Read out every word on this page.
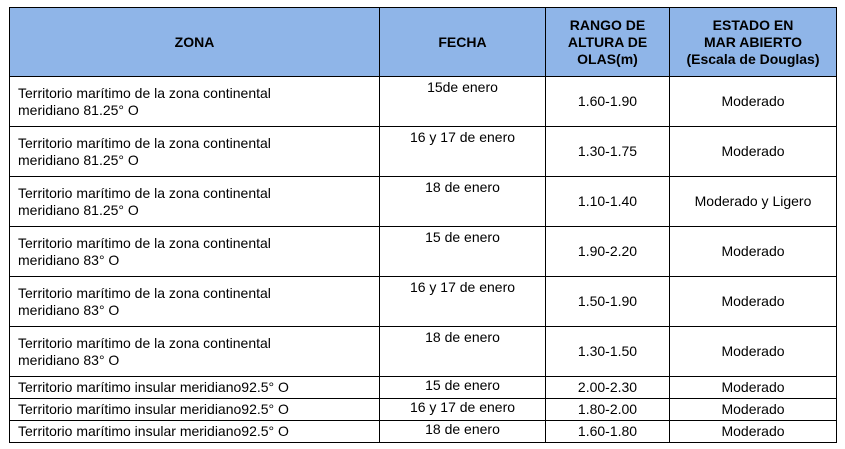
ZONA	FECHA	RANGO DE
ALTURA DE
OLAS(m)	ESTADO EN
MAR ABIERTO
(Escala de Douglas)
Territorio marítimo de la zona continental
meridiano 81.25° O	15de enero	1.60-1.90	Moderado
Territorio marítimo de la zona continental
meridiano 81.25° O	16 y 17 de enero	1.30-1.75	Moderado
Territorio marítimo de la zona continental
meridiano 81.25° O	18 de enero	1.10-1.40	Moderado y Ligero
Territorio marítimo de la zona continental
meridiano 83° O	15 de enero	1.90-2.20	Moderado
Territorio marítimo de la zona continental
meridiano 83° O	16 y 17 de enero	1.50-1.90	Moderado
Territorio marítimo de la zona continental
meridiano 83° O	18 de enero	1.30-1.50	Moderado
Territorio marítimo insular meridiano92.5° O	15 de enero	2.00-2.30	Moderado
Territorio marítimo insular meridiano92.5° O	16 y 17 de enero	1.80-2.00	Moderado
Territorio marítimo insular meridiano92.5° O	18 de enero	1.60-1.80	Moderado
